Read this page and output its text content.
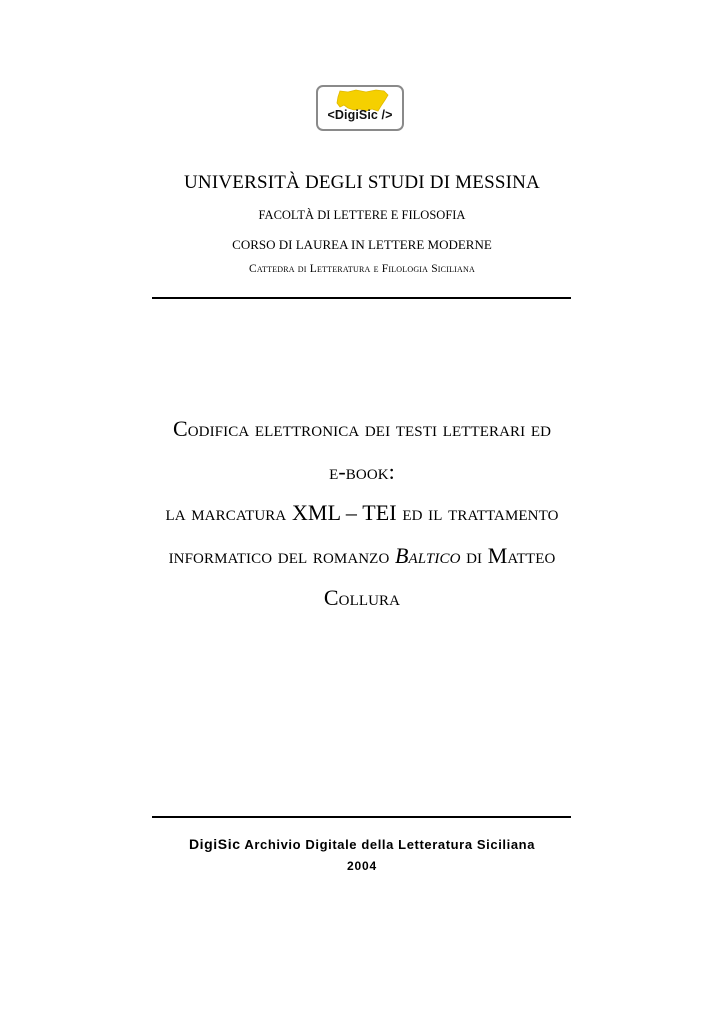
<DigiSic />
UNIVERSITÀ DEGLI STUDI DI MESSINA
FACOLTÀ DI LETTERE E FILOSOFIA
CORSO DI LAUREA IN LETTERE MODERNE
Cattedra di Letteratura e Filologia Siciliana
Codifica elettronica dei testi letterari ed
e-book:
la marcatura XML – TEI ed il trattamento
informatico del romanzo Baltico di Matteo
Collura
DigiSic Archivio Digitale della Letteratura Siciliana
2004
